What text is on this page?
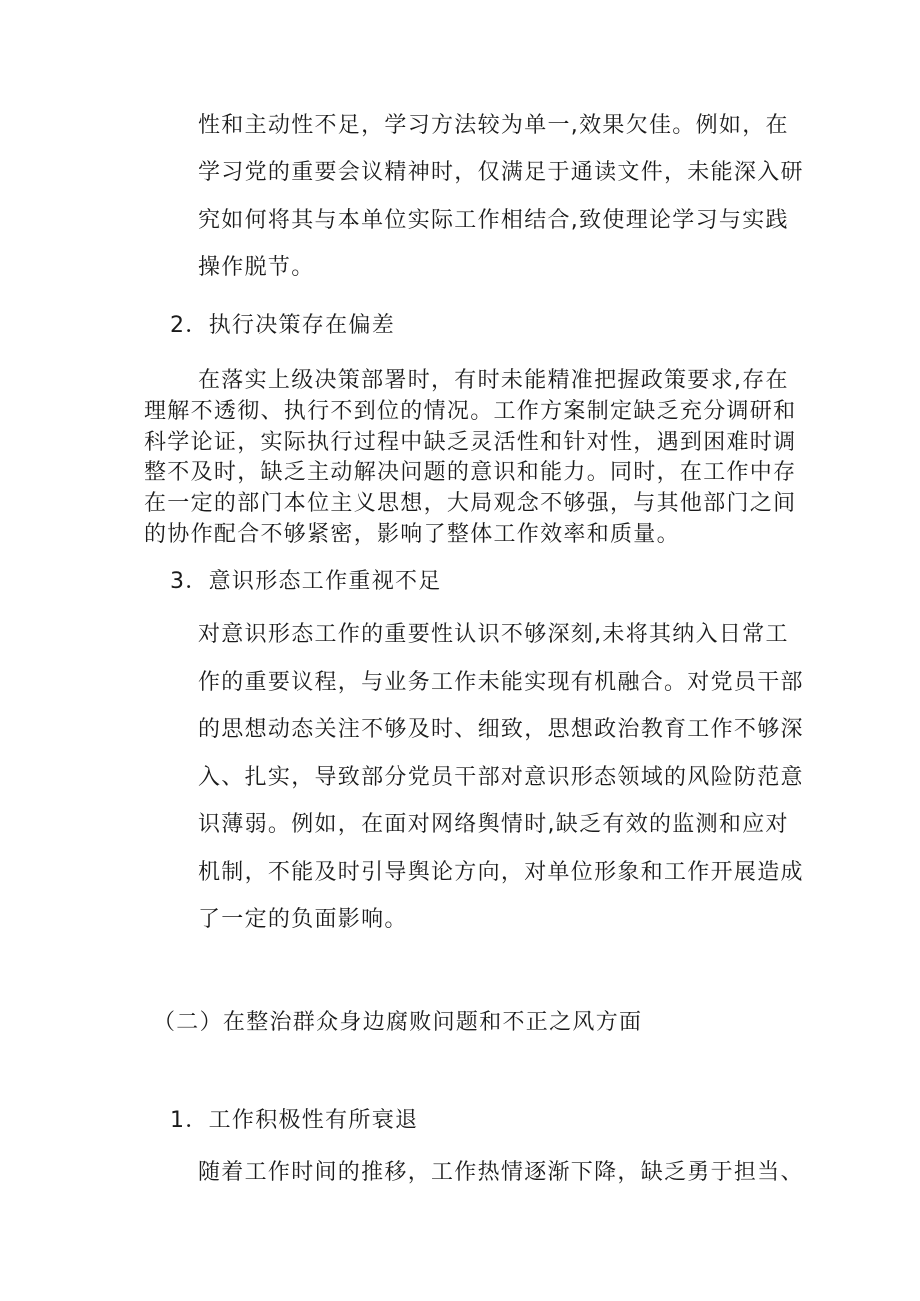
性和主动性不足，学习方法较为单一,效果欠佳。例如，在

学习党的重要会议精神时，仅满足于通读文件，未能深入研

究如何将其与本单位实际工作相结合,致使理论学习与实践

操作脱节。

2．执行决策存在偏差

在落实上级决策部署时，有时未能精准把握政策要求,存在

理解不透彻、执行不到位的情况。工作方案制定缺乏充分调研和

科学论证，实际执行过程中缺乏灵活性和针对性，遇到困难时调

整不及时，缺乏主动解决问题的意识和能力。同时，在工作中存

在一定的部门本位主义思想，大局观念不够强，与其他部门之间

的协作配合不够紧密，影响了整体工作效率和质量。

3．意识形态工作重视不足

对意识形态工作的重要性认识不够深刻,未将其纳入日常工

作的重要议程，与业务工作未能实现有机融合。对党员干部

的思想动态关注不够及时、细致，思想政治教育工作不够深

入、扎实，导致部分党员干部对意识形态领域的风险防范意

识薄弱。例如，在面对网络舆情时,缺乏有效的监测和应对

机制，不能及时引导舆论方向，对单位形象和工作开展造成

了一定的负面影响。

（二）在整治群众身边腐败问题和不正之风方面

1．工作积极性有所衰退

随着工作时间的推移，工作热情逐渐下降，缺乏勇于担当、
